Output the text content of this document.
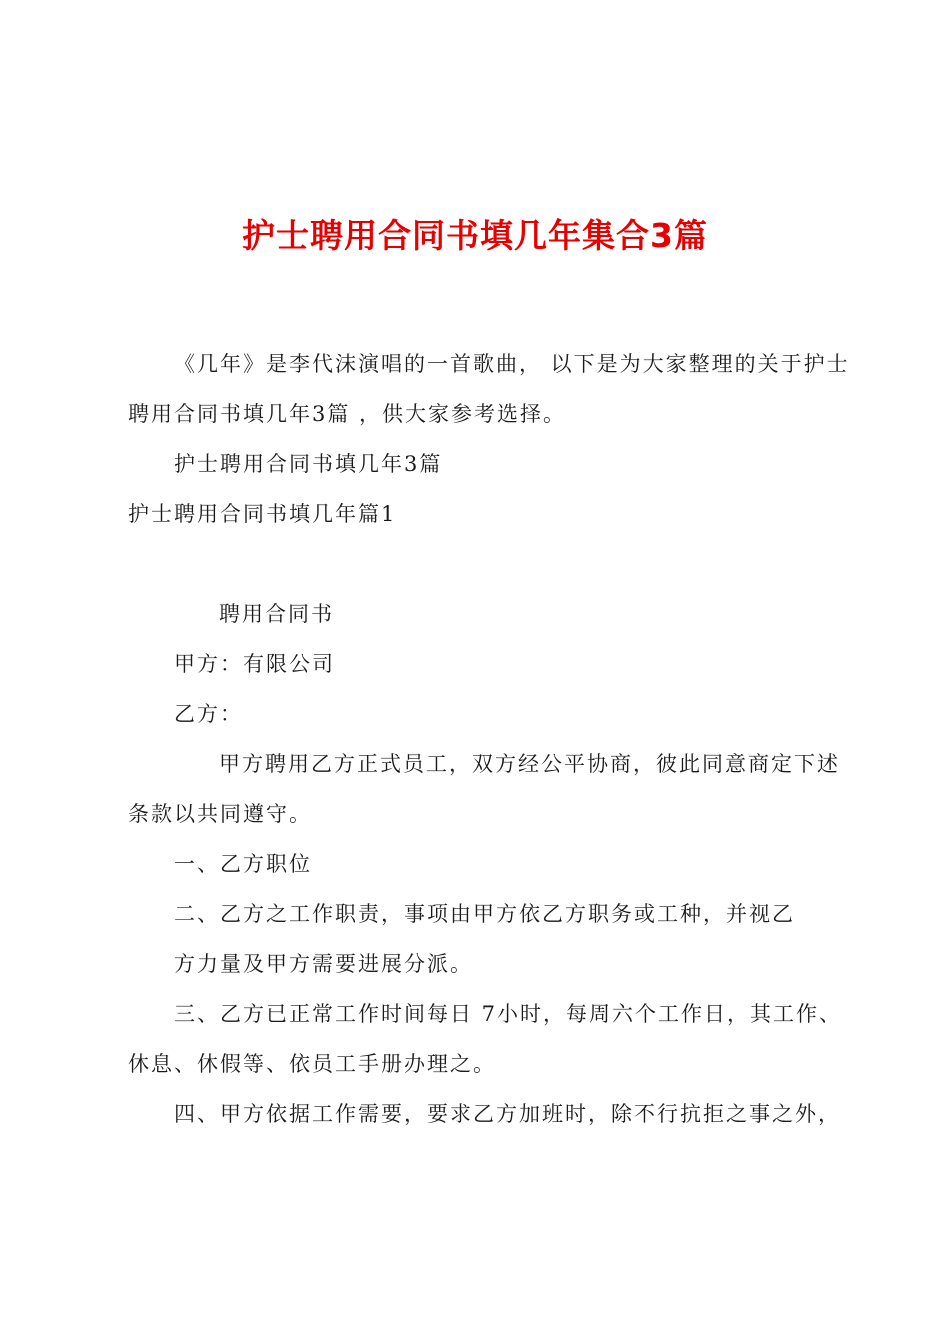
护士聘用合同书填几年集合3篇
《几年》是李代沫演唱的一首歌曲， 以下是为大家整理的关于护士
聘用合同书填几年3篇 ，供大家参考选择。
护士聘用合同书填几年3篇
护士聘用合同书填几年篇1
聘用合同书
甲方：有限公司
乙方：
甲方聘用乙方正式员工，双方经公平协商，彼此同意商定下述
条款以共同遵守。
一、乙方职位
二、乙方之工作职责，事项由甲方依乙方职务或工种，并视乙
方力量及甲方需要进展分派。
三、乙方已正常工作时间每日 7小时，每周六个工作日，其工作、
休息、休假等、依员工手册办理之。
四、甲方依据工作需要，要求乙方加班时，除不行抗拒之事之外，
